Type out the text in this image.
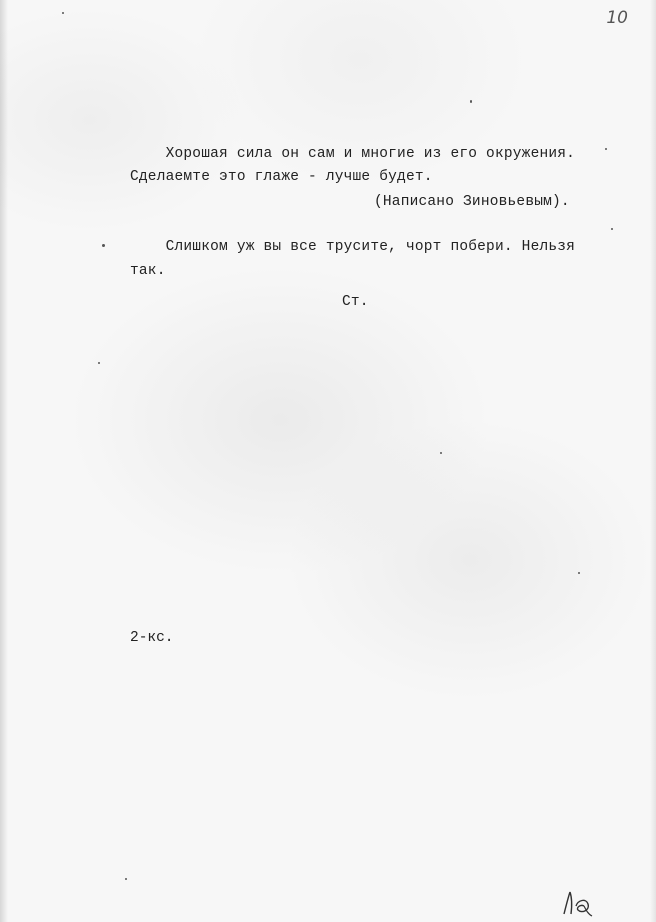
10
Хорошая сила он сам и многие из его окружения.
Сделаемте это глаже - лучше будет.
(Написано Зиновьевым).
Слишком уж вы все трусите, чорт побери. Нельзя
так.
Ст.
2-кс.
